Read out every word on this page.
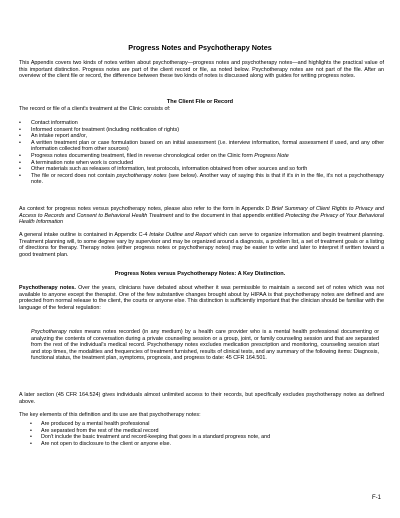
Progress Notes and Psychotherapy Notes
This Appendix covers two kinds of notes written about psychotherapy—progress notes and psychotherapy notes—and highlights the practical value of this important distinction. Progress notes are part of the client record or file, as noted below. Psychotherapy notes are not part of the file. After an overview of the client file or record, the difference between these two kinds of notes is discussed along with guides for writing progress notes.
The Client File or Record
The record or file of a client's treatment at the Clinic consists of:
• Contact information
• Informed consent for treatment (including notification of rights)
• An intake report and/or,
• A written treatment plan or case formulation based on an initial assessment (i.e. interview information, formal assessment if used, and any other information collected from other sources)
• Progress notes documenting treatment, filed in reverse chronological order on the Clinic form Progress Note
• A termination note when work is concluded
• Other materials such as releases of information, test protocols, information obtained from other sources and so forth
• The file or record does not contain psychotherapy notes (see below). Another way of saying this is that if it's in in the file, it's not a psychotherapy note.
As context for progress notes versus psychotherapy notes, please also refer to the form in Appendix D Brief Summary of Client Rights to Privacy and Access to Records and Consent to Behavioral Health Treatment and to the document in that appendix entitled Protecting the Privacy of Your Behavioral Health Information
A general intake outline is contained in Appendix C-4 Intake Outline and Report which can serve to organize information and begin treatment planning. Treatment planning will, to some degree vary by supervisor and may be organized around a diagnosis, a problem list, a set of treatment goals or a listing of directions for therapy. Therapy notes (either progress notes or psychotherapy notes) may be easier to write and later to interpret if written toward a good treatment plan.
Progress Notes versus Psychotherapy Notes: A Key Distinction.
Psychotherapy notes. Over the years, clinicians have debated about whether it was permissible to maintain a second set of notes which was not available to anyone except the therapist. One of the few substantive changes brought about by HIPAA is that psychotherapy notes are defined and are protected from normal release to the client, the courts or anyone else. This distinction is sufficiently important that the clinician should be familiar with the language of the federal regulation:
Psychotherapy notes means notes recorded (in any medium) by a health care provider who is a mental health professional documenting or analyzing the contents of conversation during a private counseling session or a group, joint, or family counseling session and that are separated from the rest of the individual's medical record. Psychotherapy notes excludes medication prescription and monitoring, counseling session start and stop times, the modalities and frequencies of treatment furnished, results of clinical tests, and any summary of the following items: Diagnosis, functional status, the treatment plan, symptoms, prognosis, and progress to date: 45 CFR 164.501.
A later section (45 CFR 164.524) gives individuals almost unlimited access to their records, but specifically excludes psychotherapy notes as defined above.
The key elements of this definition and its use are that psychotherapy notes:
• Are produced by a mental health professional
• Are separated from the rest of the medical record
• Don't include the basic treatment and record-keeping that goes in a standard progress note, and
• Are not open to disclosure to the client or anyone else.
F-1
